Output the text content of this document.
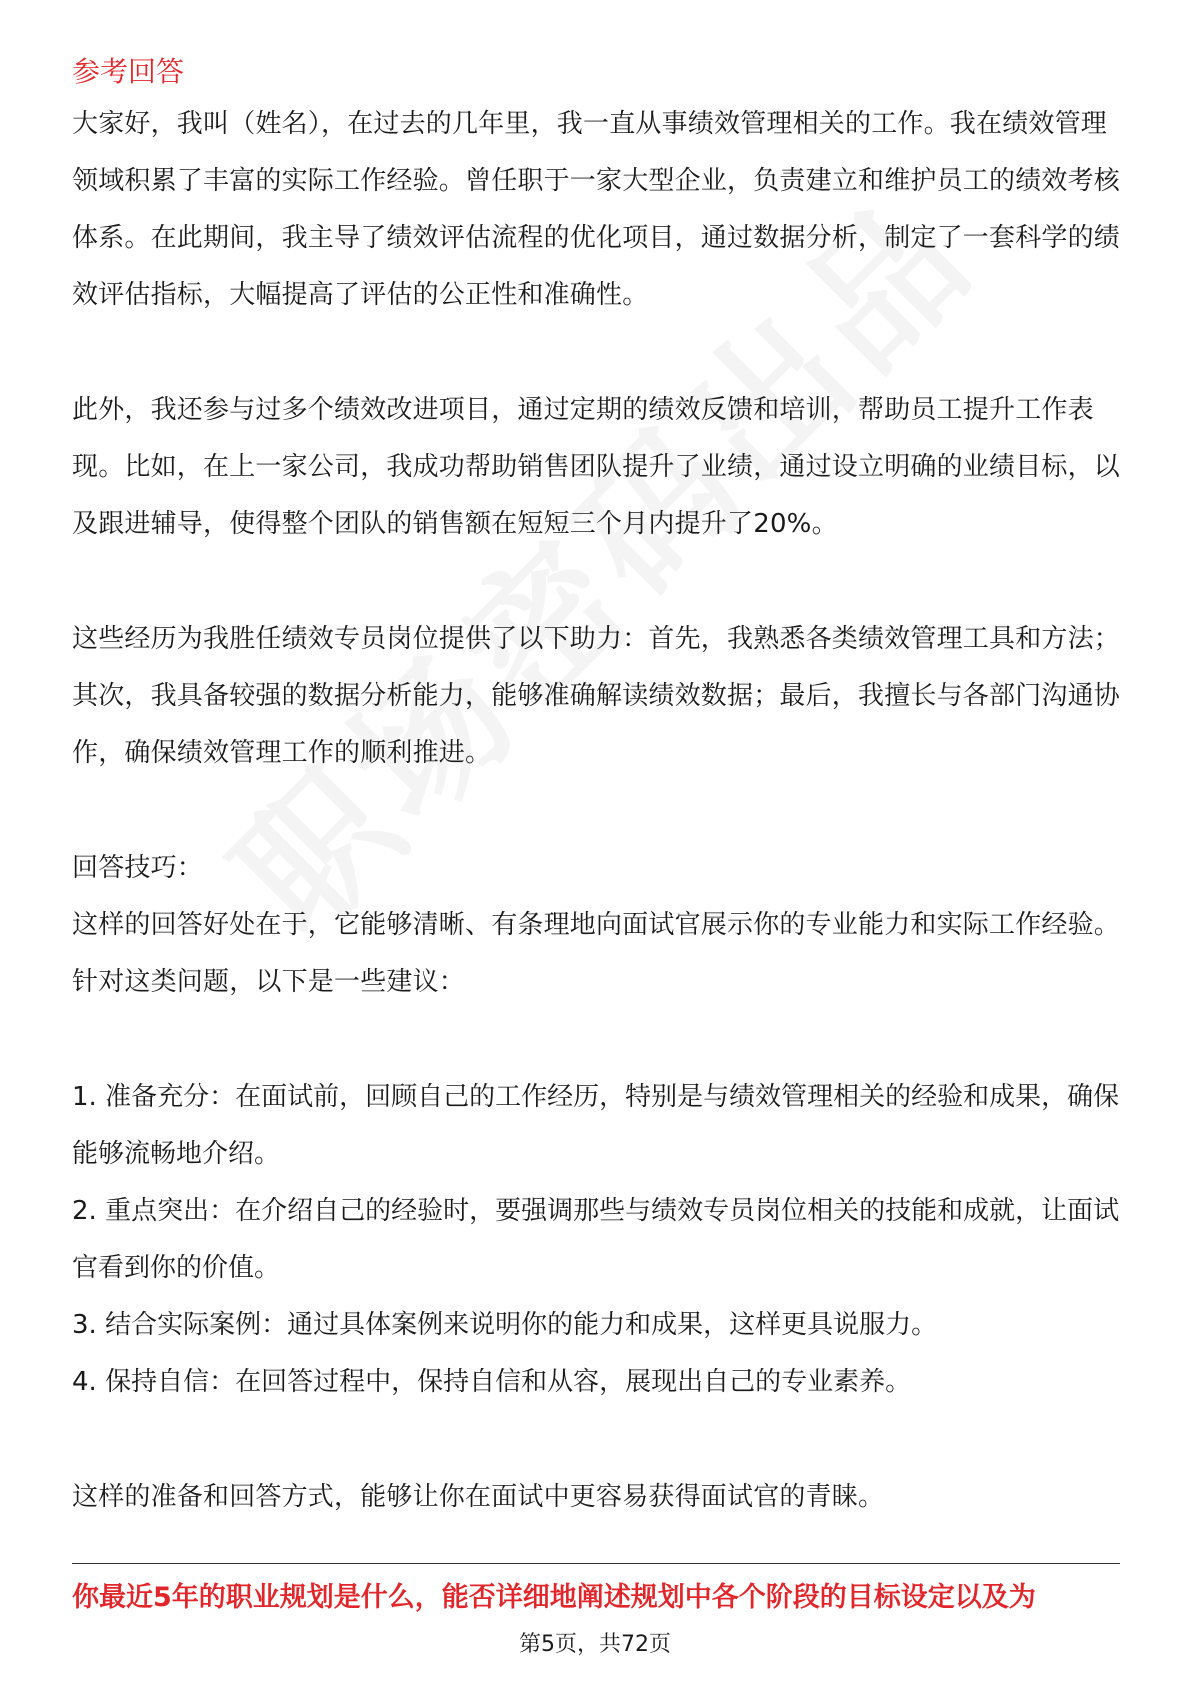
参考回答

大家好，我叫（姓名），在过去的几年里，我一直从事绩效管理相关的工作。我在绩效管理领域积累了丰富的实际工作经验。曾任职于一家大型企业，负责建立和维护员工的绩效考核体系。在此期间，我主导了绩效评估流程的优化项目，通过数据分析，制定了一套科学的绩效评估指标，大幅提高了评估的公正性和准确性。

此外，我还参与过多个绩效改进项目，通过定期的绩效反馈和培训，帮助员工提升工作表现。比如，在上一家公司，我成功帮助销售团队提升了业绩，通过设立明确的业绩目标，以及跟进辅导，使得整个团队的销售额在短短三个月内提升了20%。

这些经历为我胜任绩效专员岗位提供了以下助力：首先，我熟悉各类绩效管理工具和方法；其次，我具备较强的数据分析能力，能够准确解读绩效数据；最后，我擅长与各部门沟通协作，确保绩效管理工作的顺利推进。

回答技巧：

这样的回答好处在于，它能够清晰、有条理地向面试官展示你的专业能力和实际工作经验。针对这类问题，以下是一些建议：

1. 准备充分：在面试前，回顾自己的工作经历，特别是与绩效管理相关的经验和成果，确保能够流畅地介绍。

2. 重点突出：在介绍自己的经验时，要强调那些与绩效专员岗位相关的技能和成就，让面试官看到你的价值。

3. 结合实际案例：通过具体案例来说明你的能力和成果，这样更具说服力。

4. 保持自信：在回答过程中，保持自信和从容，展现出自己的专业素养。

这样的准备和回答方式，能够让你在面试中更容易获得面试官的青睐。

你最近5年的职业规划是什么，能否详细地阐述规划中各个阶段的目标设定以及为
第5页，共72页
